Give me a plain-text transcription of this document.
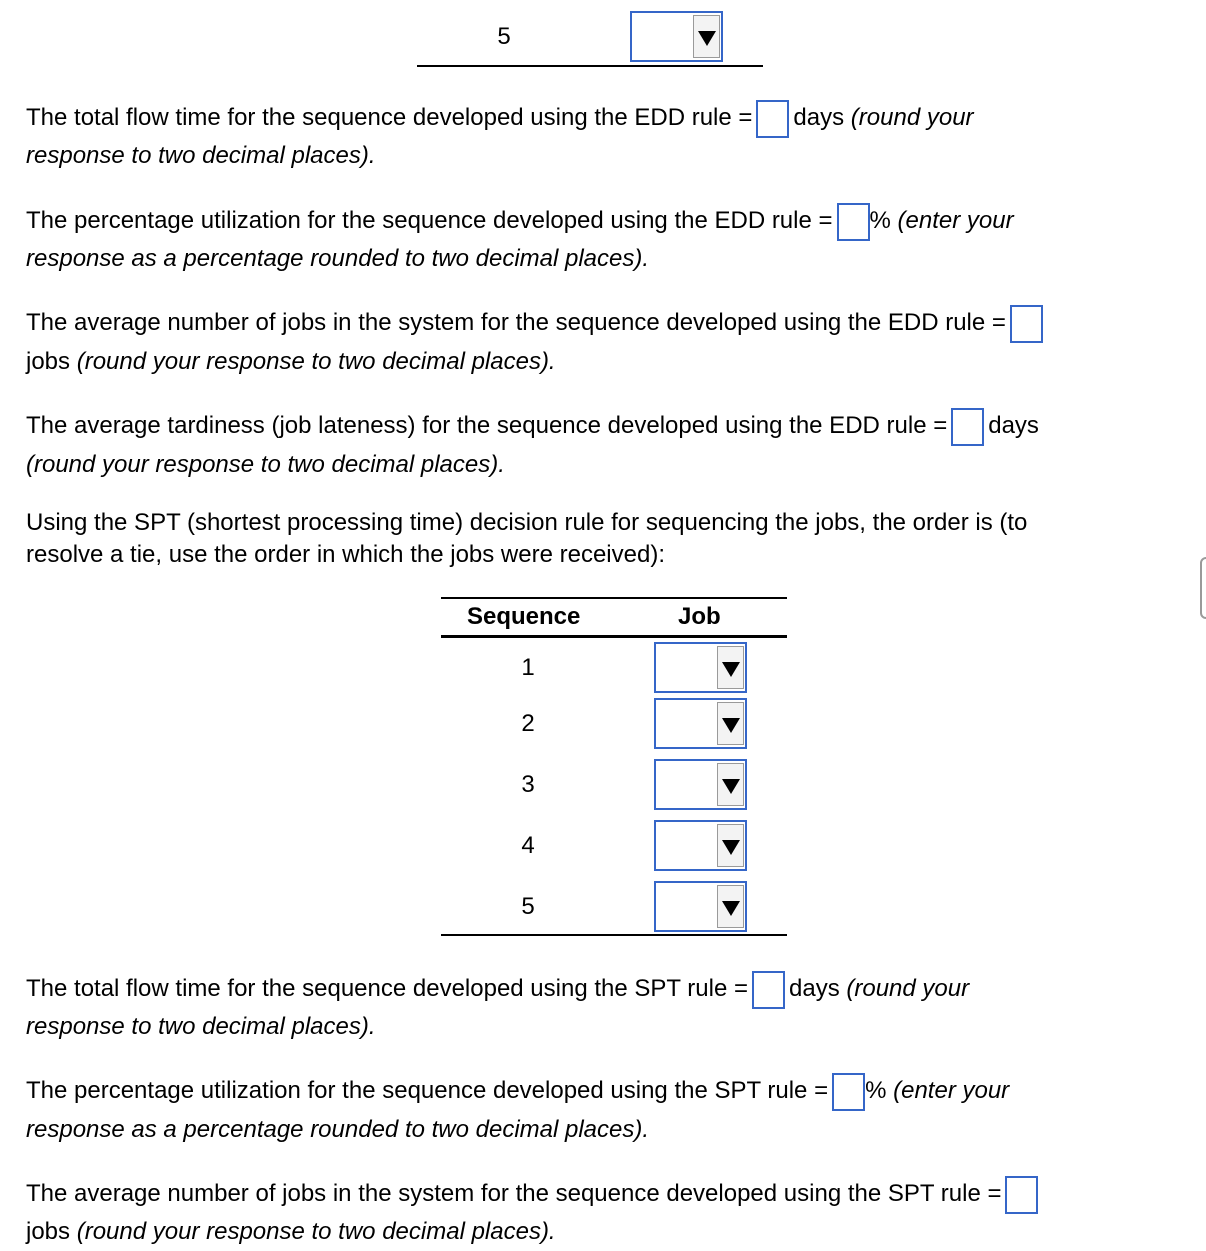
5
The total flow time for the sequence developed using the EDD rule = days (round your
response to two decimal places).
The percentage utilization for the sequence developed using the EDD rule = % (enter your
response as a percentage rounded to two decimal places).
The average number of jobs in the system for the sequence developed using the EDD rule =
jobs (round your response to two decimal places).
The average tardiness (job lateness) for the sequence developed using the EDD rule = days
(round your response to two decimal places).
Using the SPT (shortest processing time) decision rule for sequencing the jobs, the order is (to
resolve a tie, use the order in which the jobs were received):
Sequence	Job
1
2
3
4
5
The total flow time for the sequence developed using the SPT rule = days (round your
response to two decimal places).
The percentage utilization for the sequence developed using the SPT rule = % (enter your
response as a percentage rounded to two decimal places).
The average number of jobs in the system for the sequence developed using the SPT rule =
jobs (round your response to two decimal places).
